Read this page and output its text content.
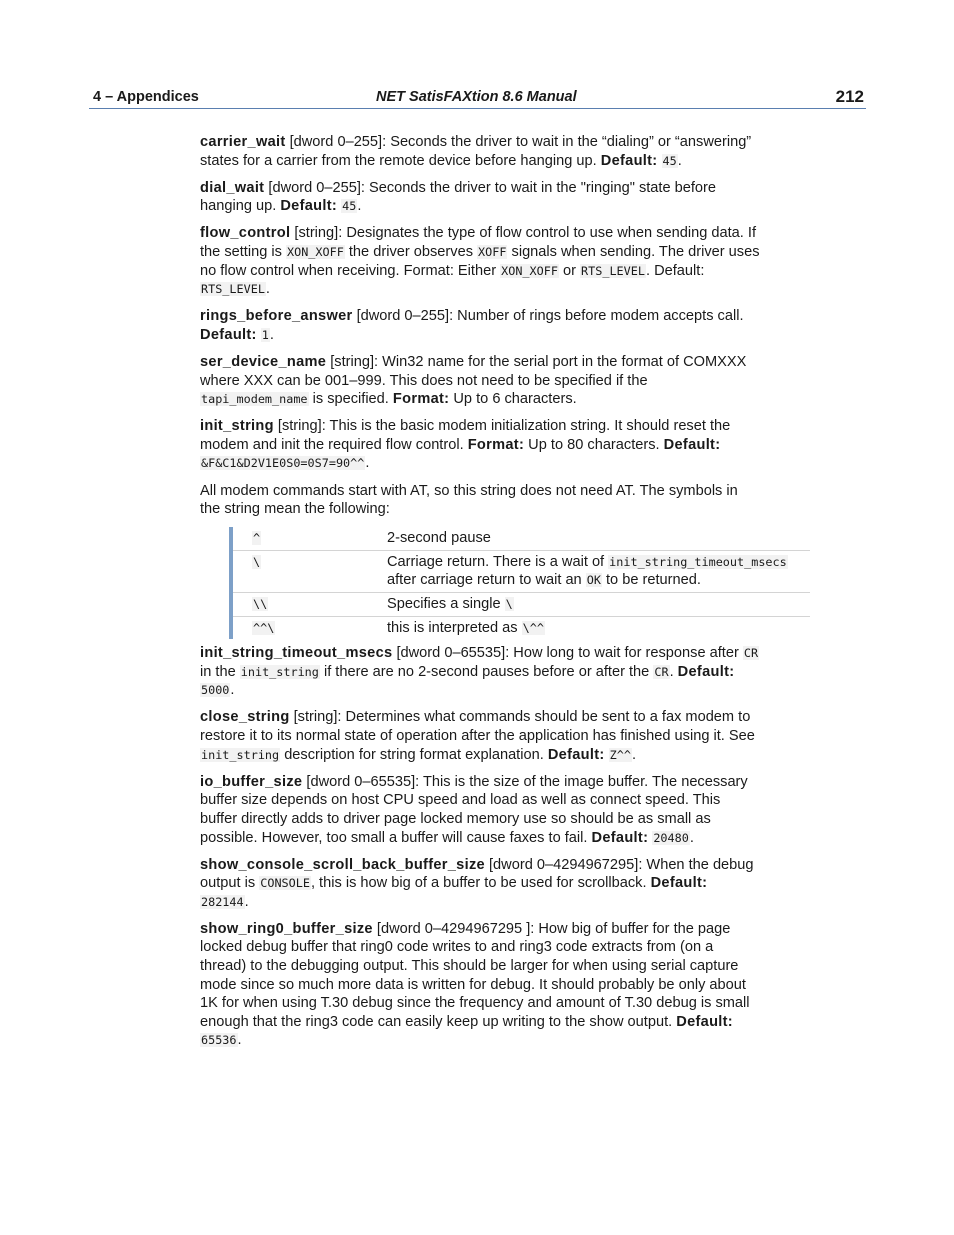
4 – Appendices	NET SatisFAXtion 8.6 Manual	212

carrier_wait [dword 0–255]: Seconds the driver to wait in the “dialing” or “answering” states for a carrier from the remote device before hanging up. Default: 45.

dial_wait [dword 0–255]: Seconds the driver to wait in the "ringing" state before hanging up. Default: 45.

flow_control [string]: Designates the type of flow control to use when sending data. If the setting is XON_XOFF the driver observes XOFF signals when sending. The driver uses no flow control when receiving. Format: Either XON_XOFF or RTS_LEVEL. Default: RTS_LEVEL.

rings_before_answer [dword 0–255]: Number of rings before modem accepts call. Default: 1.

ser_device_name [string]: Win32 name for the serial port in the format of COMXXX where XXX can be 001–999. This does not need to be specified if the tapi_modem_name is specified. Format: Up to 6 characters.

init_string [string]: This is the basic modem initialization string. It should reset the modem and init the required flow control. Format: Up to 80 characters. Default: &F&C1&D2V1E0S0=0S7=90^^.

All modem commands start with AT, so this string does not need AT. The symbols in the string mean the following:

^	2-second pause
\	Carriage return. There is a wait of init_string_timeout_msecs after carriage return to wait an OK to be returned.
\\	Specifies a single \
^^\	this is interpreted as \^^

init_string_timeout_msecs [dword 0–65535]: How long to wait for response after CR in the init_string if there are no 2-second pauses before or after the CR. Default: 5000.

close_string [string]: Determines what commands should be sent to a fax modem to restore it to its normal state of operation after the application has finished using it. See init_string description for string format explanation. Default: Z^^.

io_buffer_size [dword 0–65535]: This is the size of the image buffer. The necessary buffer size depends on host CPU speed and load as well as connect speed. This buffer directly adds to driver page locked memory use so should be as small as possible. However, too small a buffer will cause faxes to fail. Default: 20480.

show_console_scroll_back_buffer_size [dword 0–4294967295]: When the debug output is CONSOLE, this is how big of a buffer to be used for scrollback. Default: 282144.

show_ring0_buffer_size [dword 0–4294967295 ]: How big of buffer for the page locked debug buffer that ring0 code writes to and ring3 code extracts from (on a thread) to the debugging output. This should be larger for when using serial capture mode since so much more data is written for debug. It should probably be only about 1K for when using T.30 debug since the frequency and amount of T.30 debug is small enough that the ring3 code can easily keep up writing to the show output. Default: 65536.
